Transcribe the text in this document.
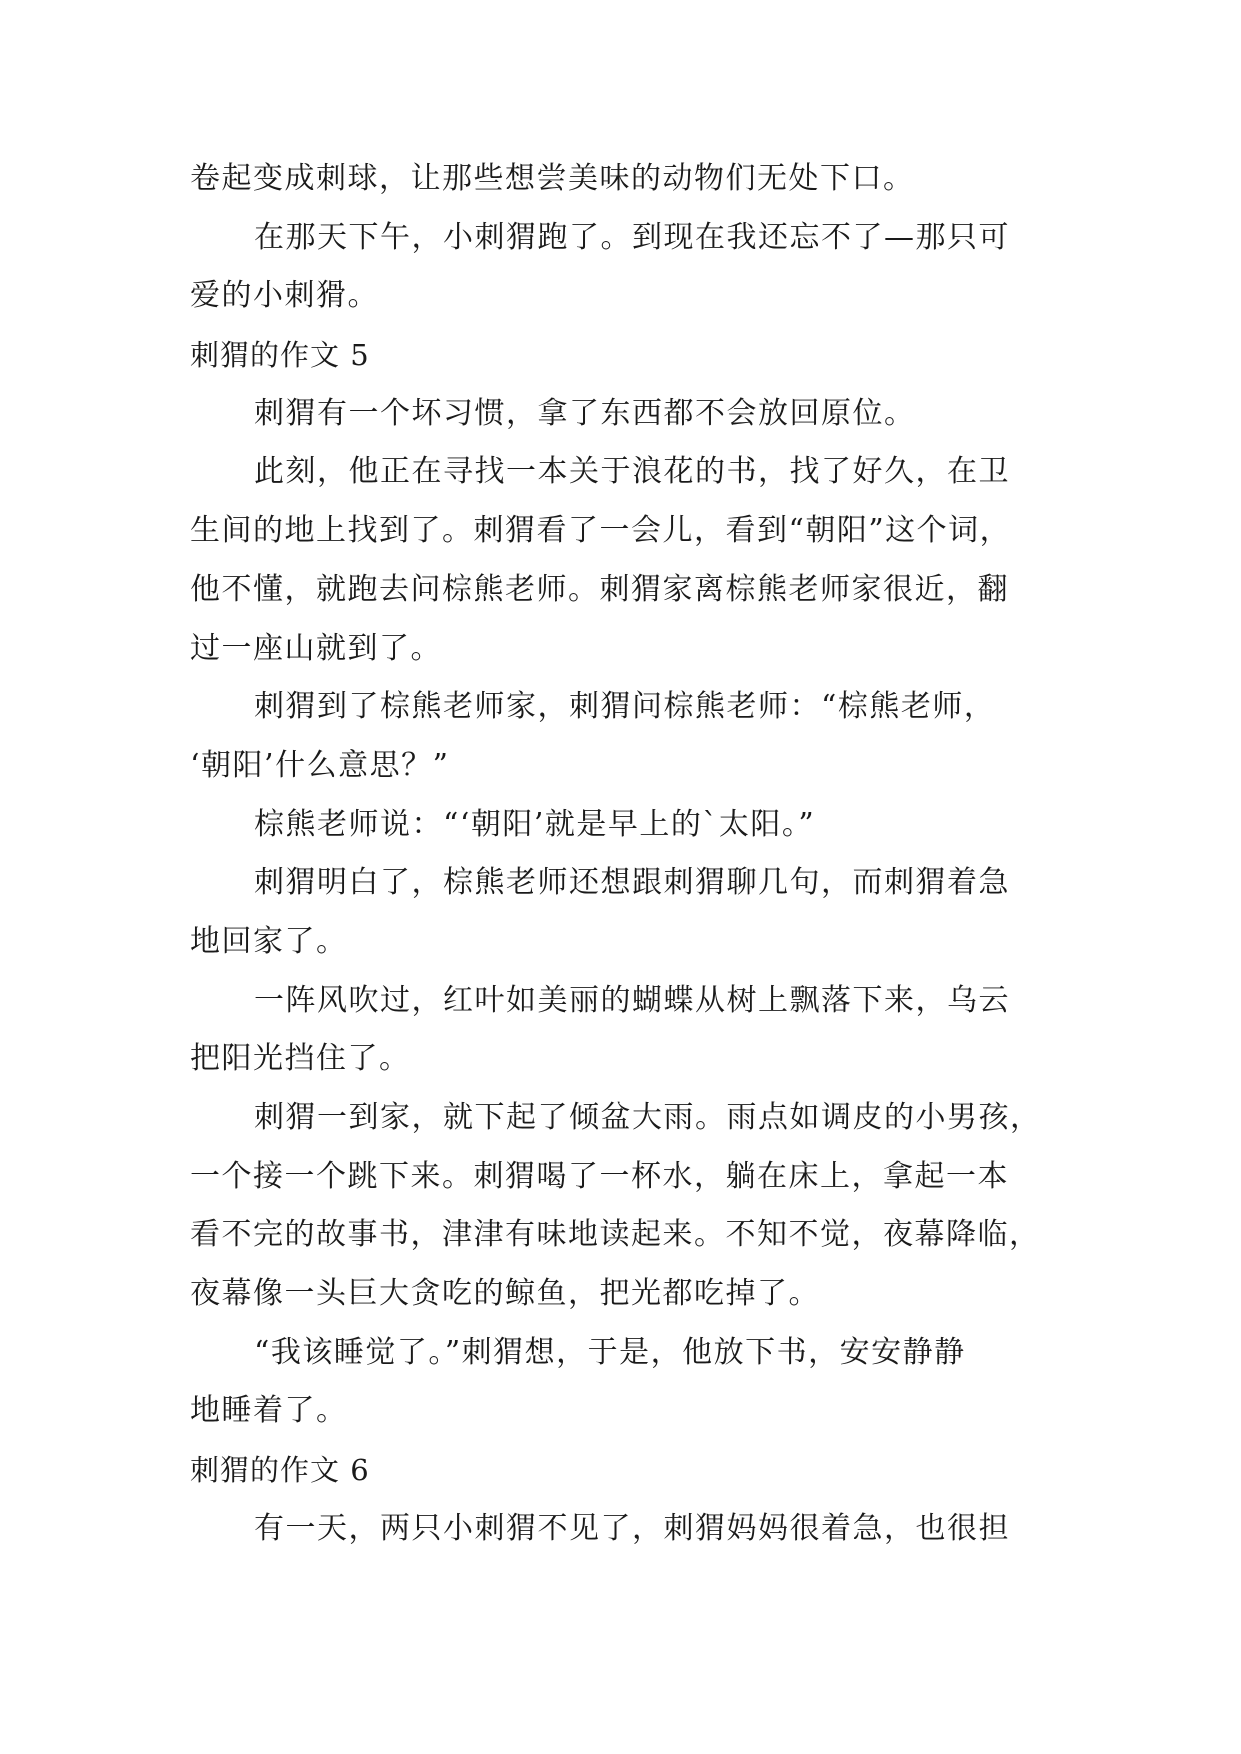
卷起变成刺球，让那些想尝美味的动物们无处下口。
在那天下午，小刺猬跑了。到现在我还忘不了—那只可
爱的小刺猾。
刺猬的作文 5
刺猬有一个坏习惯，拿了东西都不会放回原位。
此刻，他正在寻找一本关于浪花的书，找了好久，在卫
生间的地上找到了。刺猬看了一会儿，看到“朝阳”这个词，
他不懂，就跑去问棕熊老师。刺猬家离棕熊老师家很近，翻
过一座山就到了。
刺猬到了棕熊老师家，刺猬问棕熊老师：“棕熊老师，
‘朝阳’什么意思？”
棕熊老师说：“‘朝阳’就是早上的`太阳。”
刺猬明白了，棕熊老师还想跟刺猬聊几句，而刺猬着急
地回家了。
一阵风吹过，红叶如美丽的蝴蝶从树上飘落下来，乌云
把阳光挡住了。
刺猬一到家，就下起了倾盆大雨。雨点如调皮的小男孩，
一个接一个跳下来。刺猬喝了一杯水，躺在床上，拿起一本
看不完的故事书，津津有味地读起来。不知不觉，夜幕降临，
夜幕像一头巨大贪吃的鲸鱼，把光都吃掉了。
“我该睡觉了。”刺猬想，于是，他放下书，安安静静
地睡着了。
刺猬的作文 6
有一天，两只小刺猬不见了，刺猬妈妈很着急，也很担
